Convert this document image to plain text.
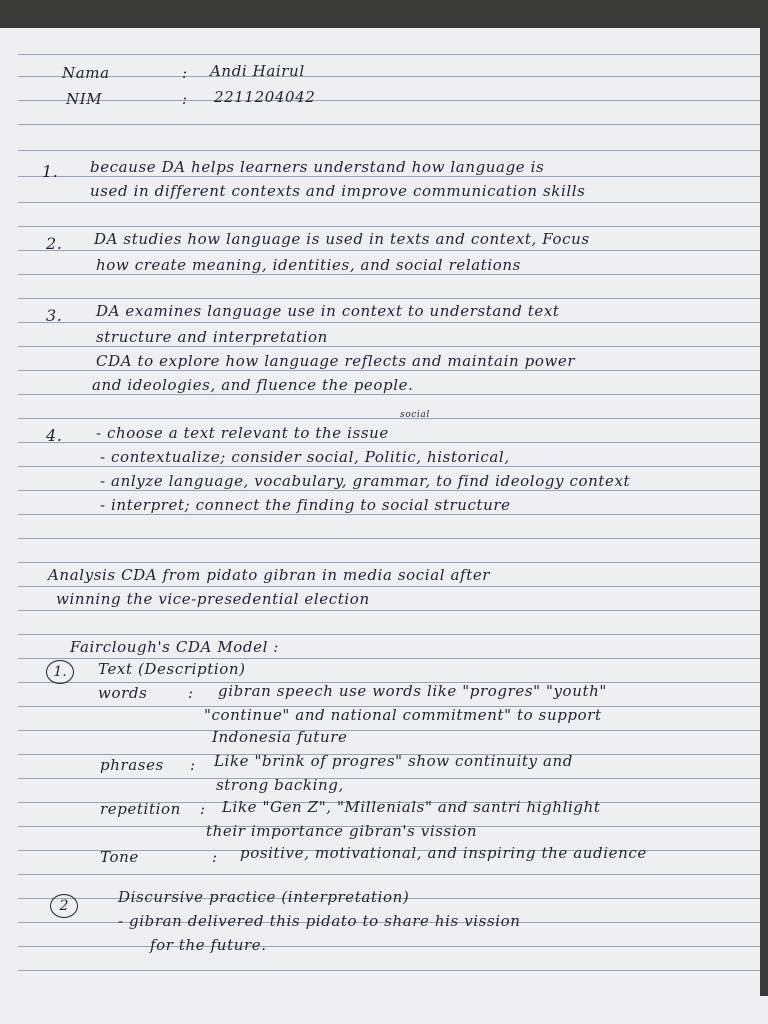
Nama	: Andi Hairul
NIM	: 2211204042
1. because DA helps learners understand how language is
used in different contexts and improve communication skills
2. DA studies how language is used in texts and context, Focus
how create meaning, identities, and social relations
3. DA examines language use in context to understand text
structure and interpretation
CDA to explore how language reflects and maintain power
and ideologies, and fluence the people.
4.
social
- choose a text relevant to the issue
- contextualize; consider social, Politic, historical,
- anlyze language, vocabulary, grammar, to find ideology context
- interpret; connect the finding to social structure
Analysis CDA from pidato gibran in media social after
winning the vice-presedential election
Fairclough's CDA Model :
1.	Text (Description)
words	: gibran speech use words like "progres" "youth"
"continue" and national commitment" to support
Indonesia future
phrases : Like "brink of progres" show continuity and
strong backing,
repetition : Like "Gen Z", "Millenials" and santri highlight
their importance gibran's vission
Tone	: positive, motivational, and inspiring the audience
2	Discursive practice (interpretation)
- gibran delivered this pidato to share his vission
for the future.
